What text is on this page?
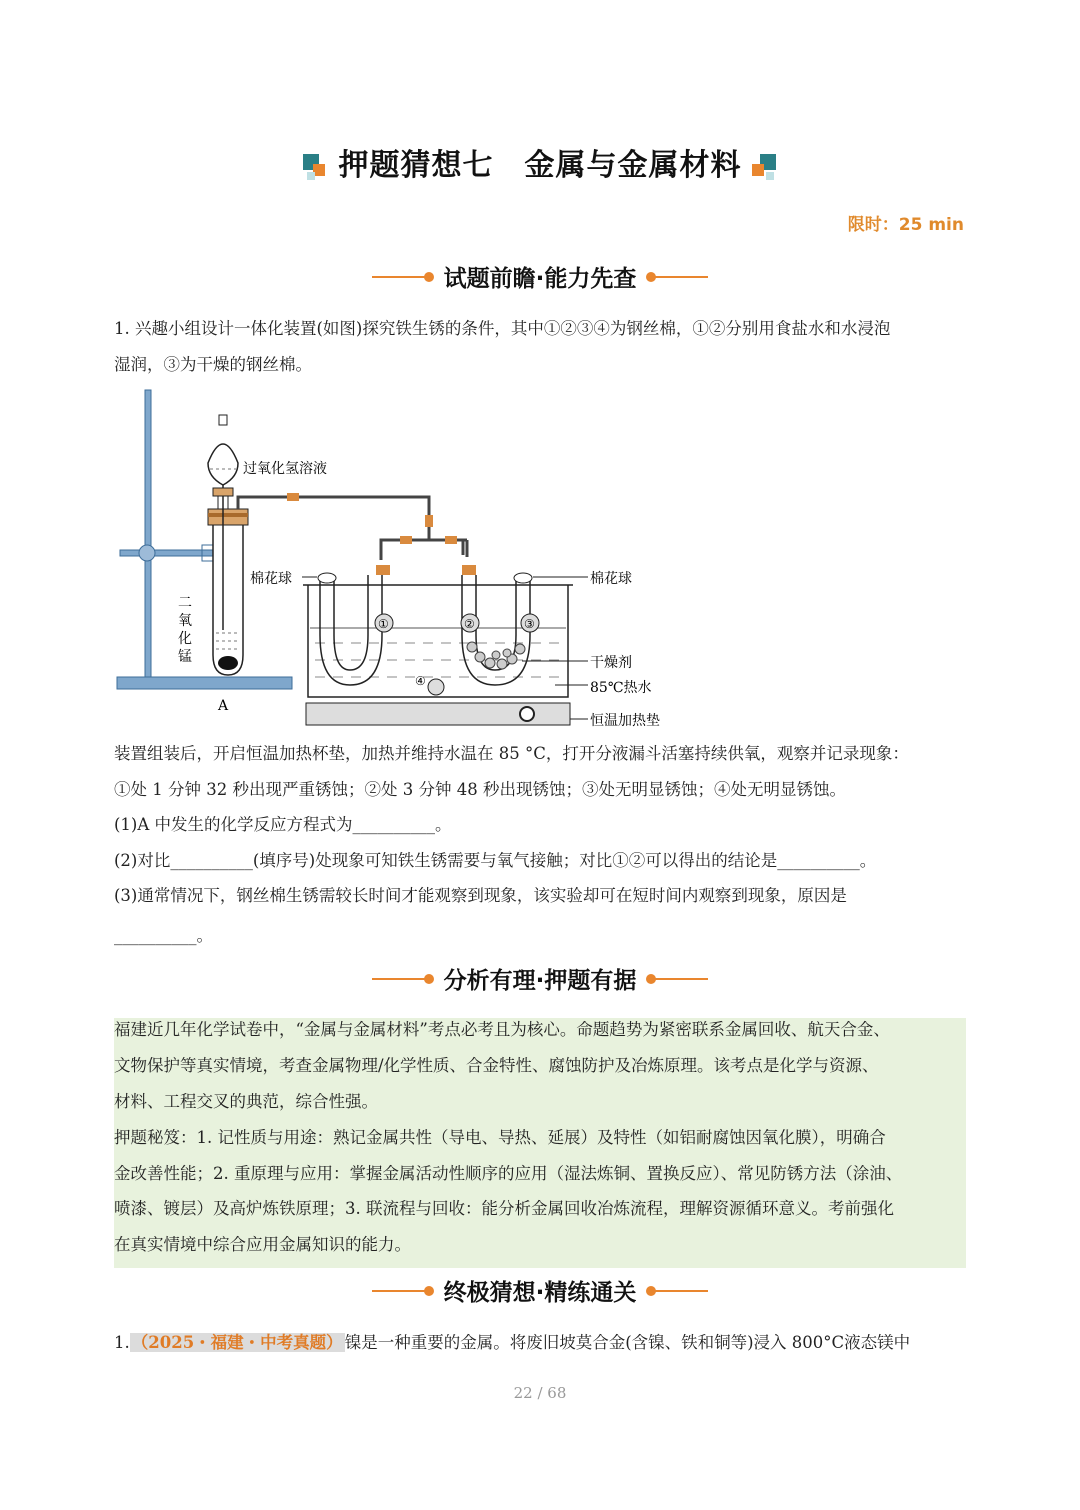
押题猜想七　金属与金属材料
限时：25 min
试题前瞻·能力先查
1. 兴趣小组设计一体化装置(如图)探究铁生锈的条件，其中①②③④为钢丝棉，①②分别用食盐水和水浸泡
湿润，③为干燥的钢丝棉。
过氧化氢溶液
二
氧
化
锰
A
①	②	③
④
棉花球	棉花球
干燥剂
85℃热水
恒温加热垫
装置组装后，开启恒温加热杯垫，加热并维持水温在 85 °C，打开分液漏斗活塞持续供氧，观察并记录现象：
①处 1 分钟 32 秒出现严重锈蚀；②处 3 分钟 48 秒出现锈蚀；③处无明显锈蚀；④处无明显锈蚀。
(1)A 中发生的化学反应方程式为__________。
(2)对比__________(填序号)处现象可知铁生锈需要与氧气接触；对比①②可以得出的结论是__________。
(3)通常情况下，钢丝棉生锈需较长时间才能观察到现象，该实验却可在短时间内观察到现象，原因是
__________。
分析有理·押题有据
福建近几年化学试卷中，“金属与金属材料”考点必考且为核心。命题趋势为紧密联系金属回收、航天合金、
文物保护等真实情境，考查金属物理/化学性质、合金特性、腐蚀防护及冶炼原理。该考点是化学与资源、
材料、工程交叉的典范，综合性强。
押题秘笈：1. 记性质与用途：熟记金属共性（导电、导热、延展）及特性（如铝耐腐蚀因氧化膜），明确合
金改善性能；2. 重原理与应用：掌握金属活动性顺序的应用（湿法炼铜、置换反应）、常见防锈方法（涂油、
喷漆、镀层）及高炉炼铁原理；3. 联流程与回收：能分析金属回收冶炼流程，理解资源循环意义。考前强化
在真实情境中综合应用金属知识的能力。
终极猜想·精练通关
1. （2025・福建・中考真题） 镍是一种重要的金属。将废旧坡莫合金(含镍、铁和铜等)浸入 800°C液态镁中
22 / 68
